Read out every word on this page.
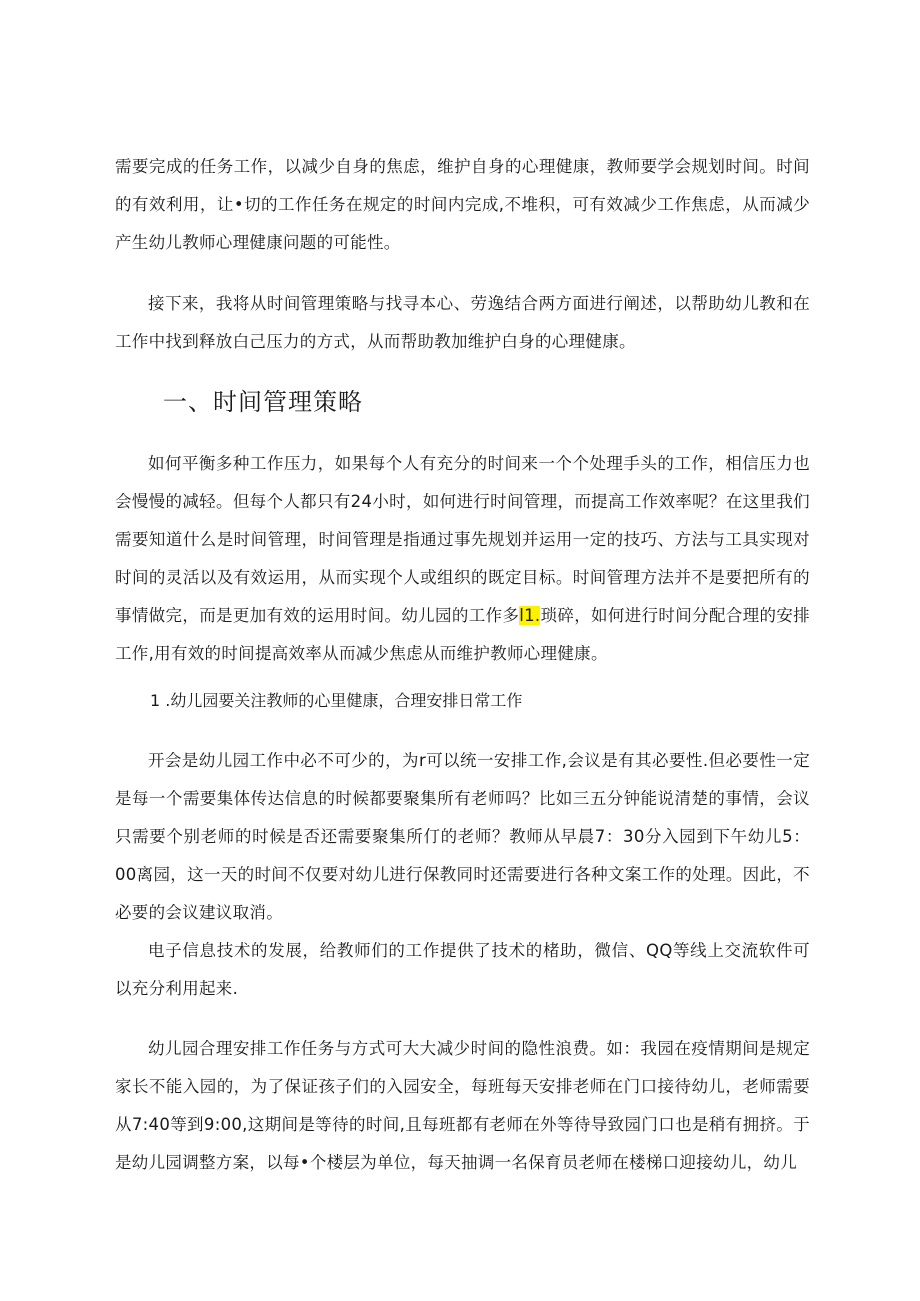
需要完成的任务工作，以减少自身的焦虑，维护自身的心理健康，教师要学会规划时间。时间的有效利用，让•切的工作任务在规定的时间内完成,不堆积，可有效减少工作焦虑，从而减少产生幼儿教师心理健康问题的可能性。

接下来，我将从时间管理策略与找寻本心、劳逸结合两方面进行阐述，以帮助幼儿教和在工作中找到释放白己压力的方式，从而帮助教加维护白身的心理健康。

一、时间管理策略

如何平衡多种工作压力，如果每个人有充分的时间来一个个处理手头的工作，相信压力也会慢慢的减轻。但每个人都只有24小时，如何进行时间管理，而提高工作效率呢？在这里我们需要知道什么是时间管理，时间管理是指通过事先规划并运用一定的技巧、方法与工具实现对时间的灵活以及有效运用，从而实现个人或组织的既定目标。时间管理方法并不是要把所有的事情做完，而是更加有效的运用时间。幼儿园的工作多l1.琐碎，如何进行时间分配合理的安排工作,用有效的时间提高效率从而减少焦虑从而维护教师心理健康。

1 .幼儿园要关注教师的心里健康，合理安排日常工作

开会是幼儿园工作中必不可少的，为r可以统一安排工作,会议是有其必要性.但必要性一定是每一个需要集体传达信息的时候都要聚集所有老师吗？比如三五分钟能说清楚的事情，会议只需要个别老师的时候是否还需要聚集所仃的老师？教师从早晨7：30分入园到下午幼儿5：00离园，这一天的时间不仅要对幼儿进行保教同时还需要进行各种文案工作的处理。因此，不必要的会议建议取消。

电子信息技术的发展，给教师们的工作提供了技术的楮助，微信、QQ等线上交流软件可以充分利用起来.

幼儿园合理安排工作任务与方式可大大减少时间的隐性浪费。如：我园在疫情期间是规定家长不能入园的，为了保证孩子们的入园安全，每班每天安排老师在门口接待幼儿，老师需要从7:40等到9:00,这期间是等待的时间,且每班都有老师在外等待导致园门口也是稍有拥挤。于是幼儿园调整方案，以每•个楼层为单位，每天抽调一名保育员老师在楼梯口迎接幼儿，幼儿
